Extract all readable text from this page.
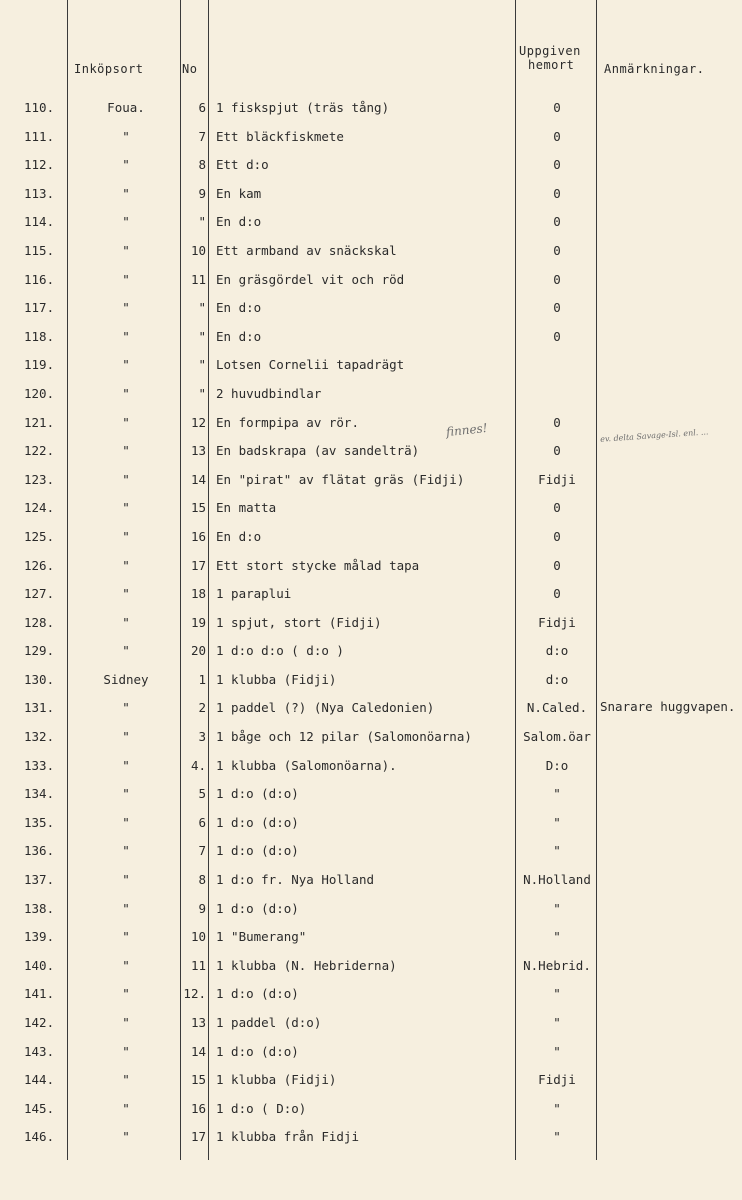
Inköpsort	No
Uppgiven
hemort Anmärkningar.
110.	Foua.	6 1 fiskspjut (träs tång)	0
111.	"	7 Ett bläckfiskmete	0
112.	"	8 Ett d:o	0
113.	"	9 En kam	0
114.	"	" En d:o	0
115.	"	10 Ett armband av snäckskal	0
116.	"	11 En gräsgördel vit och röd	0
117.	"	" En d:o	0
118.	"	" En d:o	0
119.	"	" Lotsen Cornelii tapadrägt
120.	"	" 2 huvudbindlar
121.	"	12 En formpipa av rör.	0
122.	"	13 En badskrapa (av sandelträ)	0
123.	"	14 En "pirat" av flätat gräs (Fidji)	Fidji
124.	"	15 En matta	0
125.	"	16 En d:o	0
126.	"	17 Ett stort stycke målad tapa	0
127.	"	18 1 paraplui	0
128.	"	19 1 spjut, stort (Fidji)	Fidji
129.	"	20 1 d:o d:o ( d:o )	d:o
130.	Sidney	1 1 klubba (Fidji)	d:o
131.	"	2 1 paddel (?) (Nya Caledonien)	N.Caled.	Snarare huggvapen.
132.	"	3 1 båge och 12 pilar (Salomonöarna)	Salom.öar
133.	"	4. 1 klubba (Salomonöarna).	D:o
134.	"	5 1 d:o (d:o)	"
135.	"	6 1 d:o (d:o)	"
136.	"	7 1 d:o (d:o)	"
137.	"	8 1 d:o fr. Nya Holland	N.Holland
138.	"	9 1 d:o (d:o)	"
139.	"	10 1 "Bumerang"	"
140.	"	11 1 klubba (N. Hebriderna)	N.Hebrid.
141.	"	12. 1 d:o (d:o)	"
142.	"	13 1 paddel (d:o)	"
143.	"	14 1 d:o (d:o)	"
144.	"	15 1 klubba (Fidji)	Fidji
145.	"	16 1 d:o ( D:o)	"
146.	"	17 1 klubba från Fidji	"
finnes!	ev. delta Savage-Isl. enl. ...
